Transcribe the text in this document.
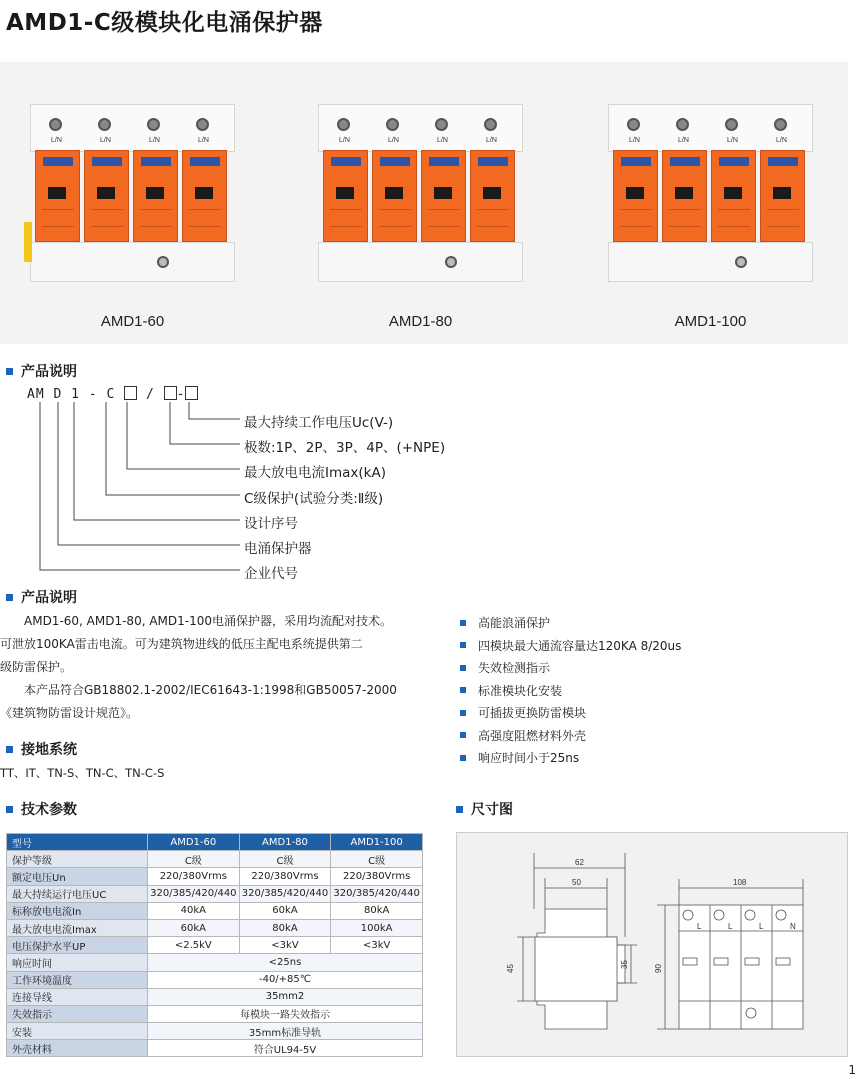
AMD1-C级模块化电涌保护器
L/N	L/N	L/N	L/N
AMD1-60
L/N	L/N	L/N	L/N
AMD1-80
L/N	L/N	L/N	L/N
AMD1-100
产品说明
AM D 1 - C / -
最大持续工作电压Uc(V-)
极数:1P、2P、3P、4P、(+NPE)
最大放电电流Imax(kA)
C级保护(试验分类:Ⅱ级)
设计序号
电涌保护器
企业代号
产品说明
　　AMD1-60, AMD1-80, AMD1-100电涌保护器，采用均流配对技术。
可泄放100KA雷击电流。可为建筑物进线的低压主配电系统提供第二
级防雷保护。
　　本产品符合GB18802.1-2002/IEC61643-1:1998和GB50057-2000
《建筑物防雷设计规范》。
高能浪涌保护
四模块最大通流容量达120KA 8/20us
失效检测指示
标准模块化安装
可插拔更换防雷模块
高强度阻燃材料外壳
响应时间小于25ns
接地系统
TT、IT、TN-S、TN-C、TN-C-S
技术参数	尺寸图
型号	AMD1-60	AMD1-80	AMD1-100
保护等级	C级	C级	C级
额定电压Un	220/380Vrms	220/380Vrms	220/380Vrms
最大持续运行电压UC	320/385/420/440	320/385/420/440	320/385/420/440
标称放电电流In	40kA	60kA	80kA
最大放电电流Imax	60kA	80kA	100kA
电压保护水平UP	<2.5kV	<3kV	<3kV
响应时间	<25ns		
工作环境温度	-40/+85℃		
连接导线	35mm2		
失效指示	每模块一路失效指示		
安装	35mm标准导轨		
外壳材料	符合UL94-5V		
62
50
45	35
108
90
L	L	L	N
1
